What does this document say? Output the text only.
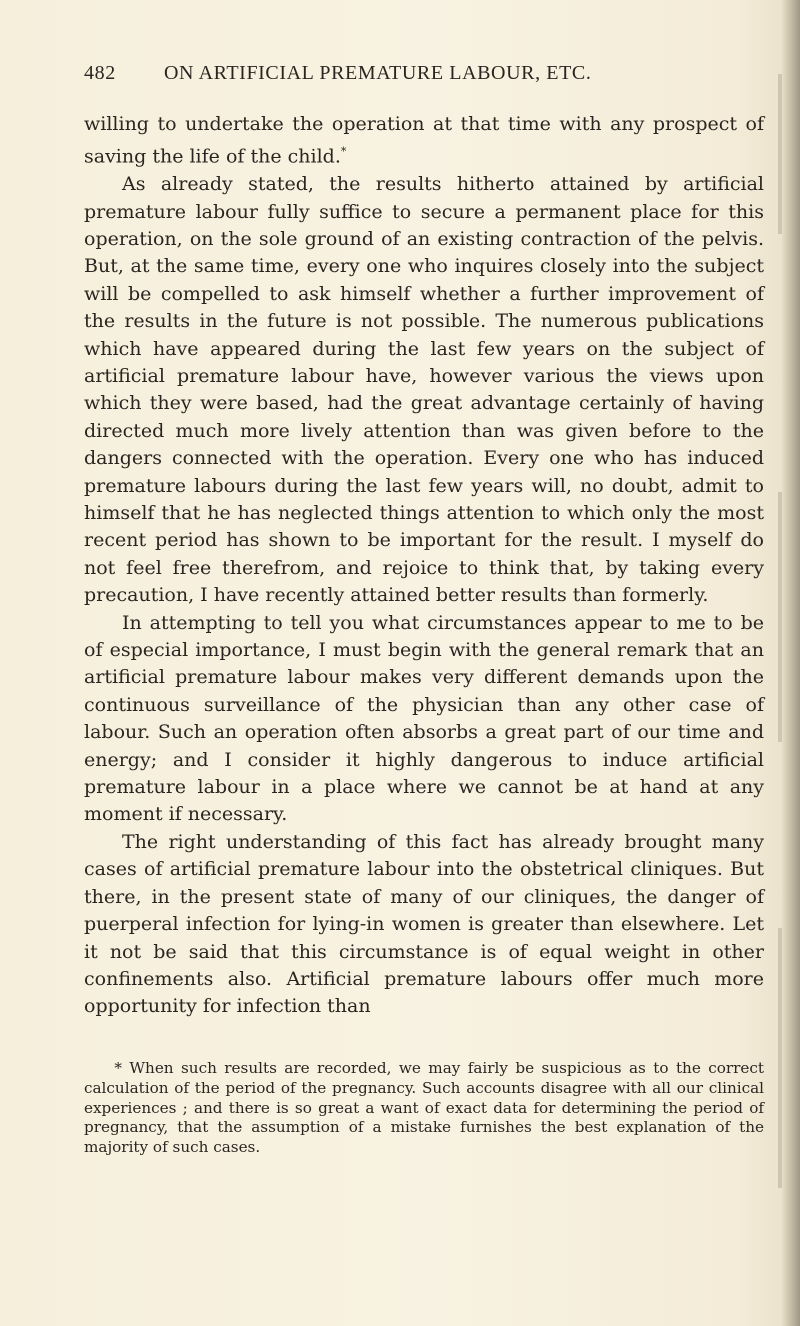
482	ON ARTIFICIAL PREMATURE LABOUR, ETC.

willing to undertake the operation at that time with any prospect of saving the life of the child.*

As already stated, the results hitherto attained by artificial premature labour fully suffice to secure a permanent place for this operation, on the sole ground of an existing contraction of the pelvis. But, at the same time, every one who inquires closely into the subject will be compelled to ask himself whether a further improvement of the results in the future is not possible. The numerous publications which have appeared during the last few years on the subject of artificial premature labour have, however various the views upon which they were based, had the great advantage certainly of having directed much more lively attention than was given before to the dangers connected with the operation. Every one who has induced premature labours during the last few years will, no doubt, admit to himself that he has neglected things attention to which only the most recent period has shown to be important for the result. I myself do not feel free therefrom, and rejoice to think that, by taking every precaution, I have recently attained better results than formerly.

In attempting to tell you what circumstances appear to me to be of especial importance, I must begin with the general remark that an artificial premature labour makes very different demands upon the continuous surveillance of the physician than any other case of labour. Such an operation often absorbs a great part of our time and energy; and I consider it highly dangerous to induce artificial premature labour in a place where we cannot be at hand at any moment if necessary.

The right understanding of this fact has already brought many cases of artificial premature labour into the obstetrical cliniques. But there, in the present state of many of our cliniques, the danger of puerperal infection for lying-in women is greater than elsewhere. Let it not be said that this circumstance is of equal weight in other confinements also. Artificial premature labours offer much more opportunity for infection than

* When such results are recorded, we may fairly be suspicious as to the correct calculation of the period of the pregnancy. Such accounts disagree with all our clinical experiences ; and there is so great a want of exact data for determining the period of pregnancy, that the assumption of a mistake furnishes the best explanation of the majority of such cases.
